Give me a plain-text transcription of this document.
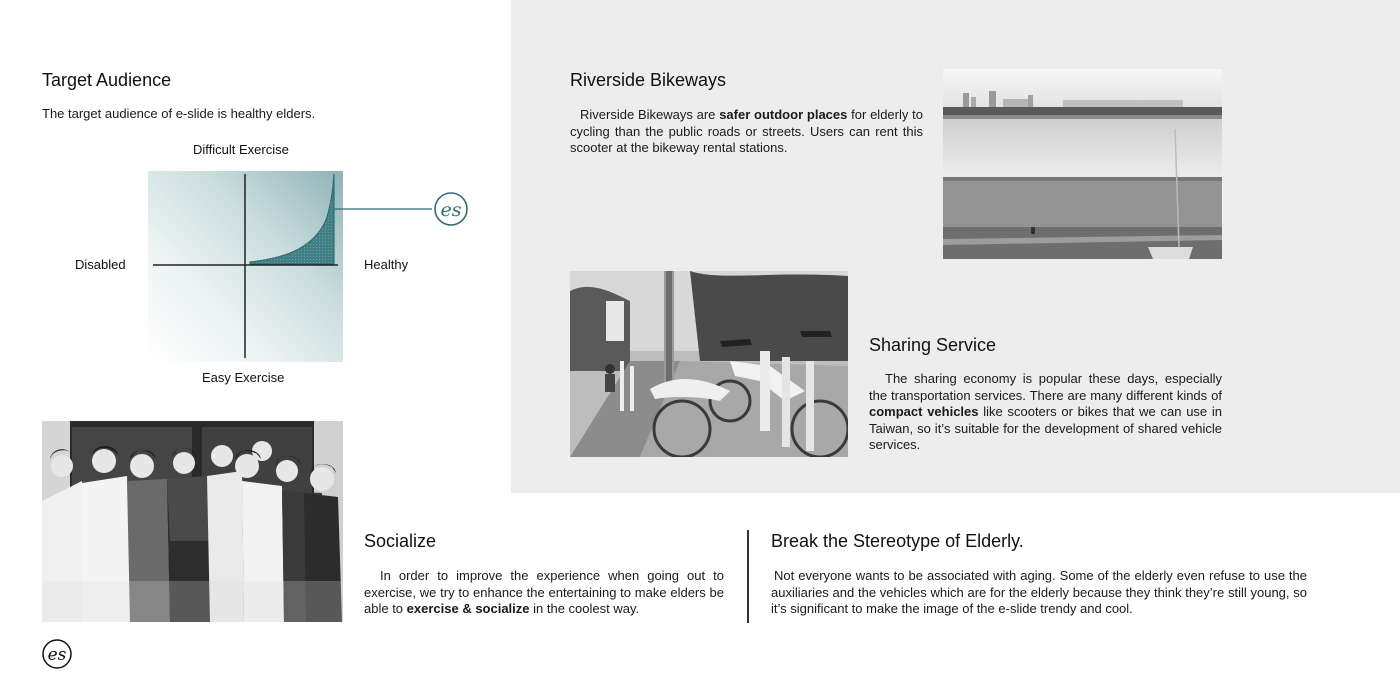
Target Audience

The target audience of e-slide is healthy elders.

Difficult Exercise
Disabled	Healthy
Easy Exercise
es
Riverside Bikeways

Riverside Bikeways are safer outdoor places for elderly to cycling than the public roads or streets. Users can rent this scooter at the bikeway rental stations.

Sharing Service

The sharing economy is popular these days, especially the transportation services. There are many different kinds of compact vehicles like scooters or bikes that we can use in Taiwan, so it’s suitable for the development of shared vehicle services.

Socialize

In order to improve the experience when going out to exercise, we try to enhance the entertaining to make elders be able to exercise & socialize in the coolest way.

Break the Stereotype of Elderly.

Not everyone wants to be associated with aging. Some of the elderly even refuse to use the auxiliaries and the vehicles which are for the elderly because they think they’re still young, so it’s significant to make the image of the e-slide trendy and cool.

es
